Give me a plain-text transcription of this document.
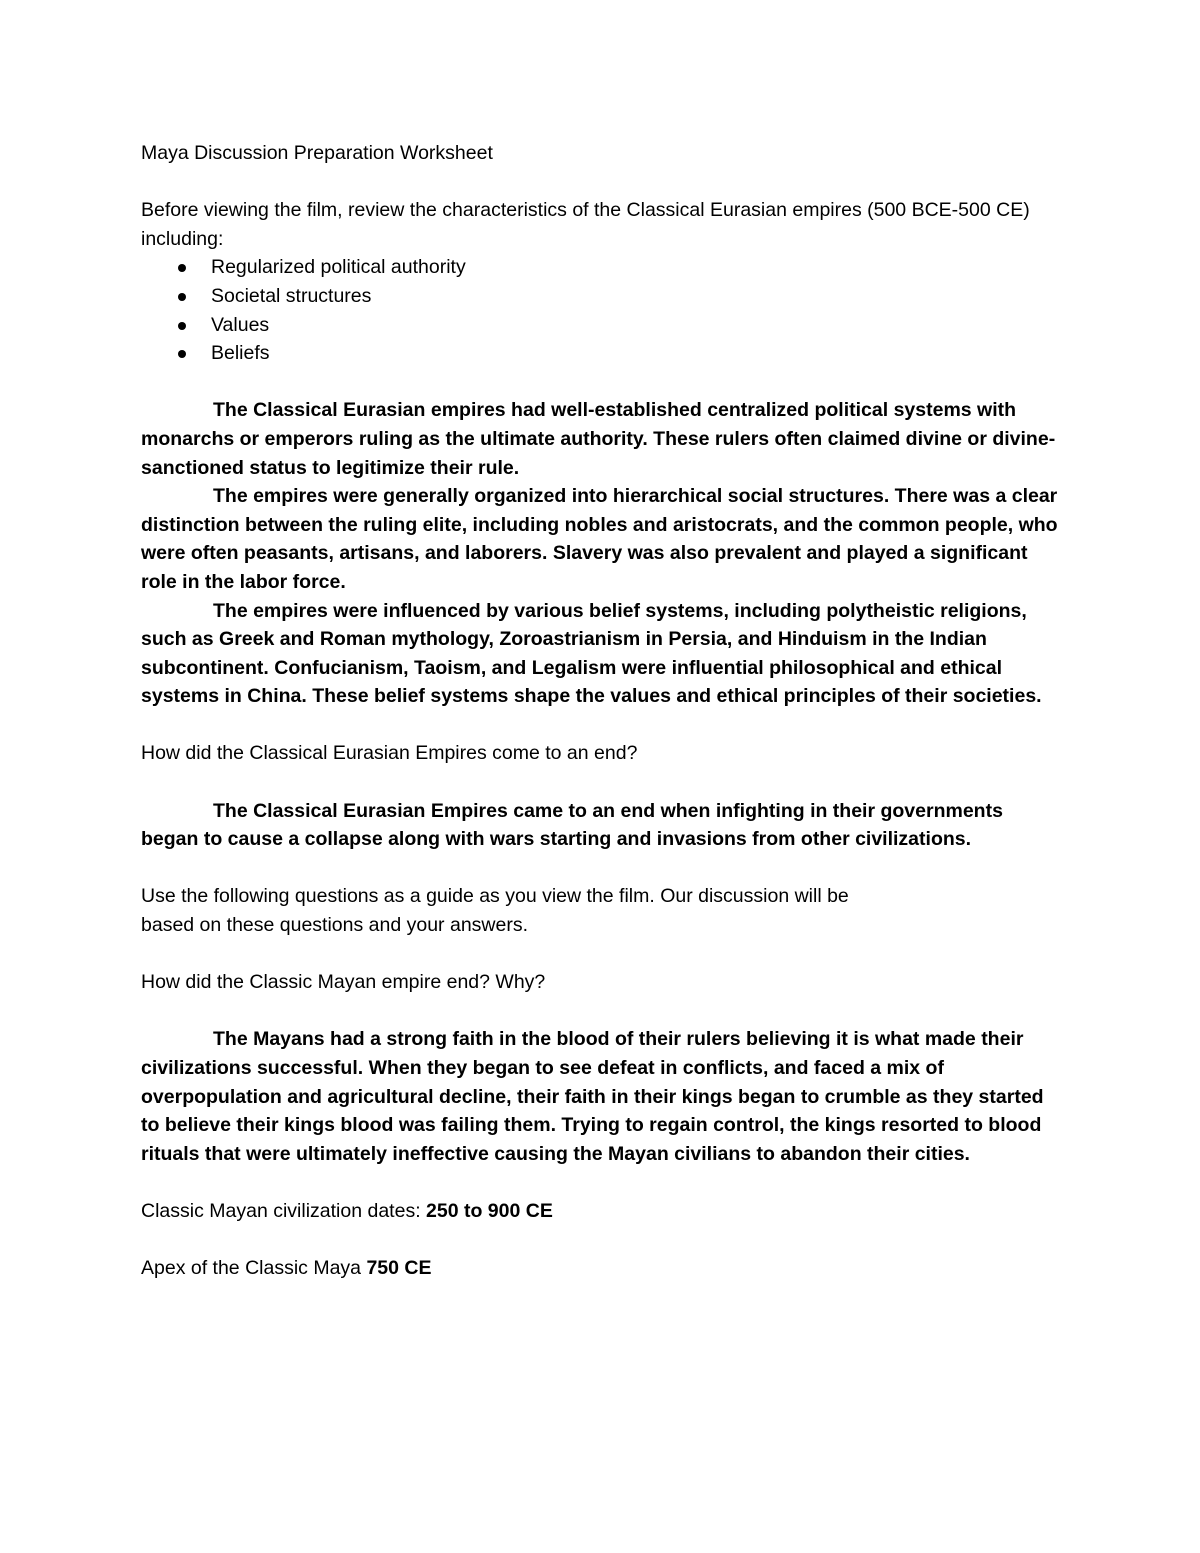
Maya Discussion Preparation Worksheet

Before viewing the film, review the characteristics of the Classical Eurasian empires (500 BCE-500 CE) including:

Regularized political authority
Societal structures
Values
Beliefs

The Classical Eurasian empires had well-established centralized political systems with monarchs or emperors ruling as the ultimate authority. These rulers often claimed divine or divine-sanctioned status to legitimize their rule.

The empires were generally organized into hierarchical social structures. There was a clear distinction between the ruling elite, including nobles and aristocrats, and the common people, who were often peasants, artisans, and laborers. Slavery was also prevalent and played a significant role in the labor force.

The empires were influenced by various belief systems, including polytheistic religions, such as Greek and Roman mythology, Zoroastrianism in Persia, and Hinduism in the Indian subcontinent. Confucianism, Taoism, and Legalism were influential philosophical and ethical systems in China. These belief systems shape the values and ethical principles of their societies.

How did the Classical Eurasian Empires come to an end?

The Classical Eurasian Empires came to an end when infighting in their governments began to cause a collapse along with wars starting and invasions from other civilizations.

Use the following questions as a guide as you view the film. Our discussion will be
based on these questions and your answers.

How did the Classic Mayan empire end? Why?

The Mayans had a strong faith in the blood of their rulers believing it is what made their civilizations successful. When they began to see defeat in conflicts, and faced a mix of overpopulation and agricultural decline, their faith in their kings began to crumble as they started to believe their kings blood was failing them. Trying to regain control, the kings resorted to blood rituals that were ultimately ineffective causing the Mayan civilians to abandon their cities.

Classic Mayan civilization dates: 250 to 900 CE

Apex of the Classic Maya 750 CE
